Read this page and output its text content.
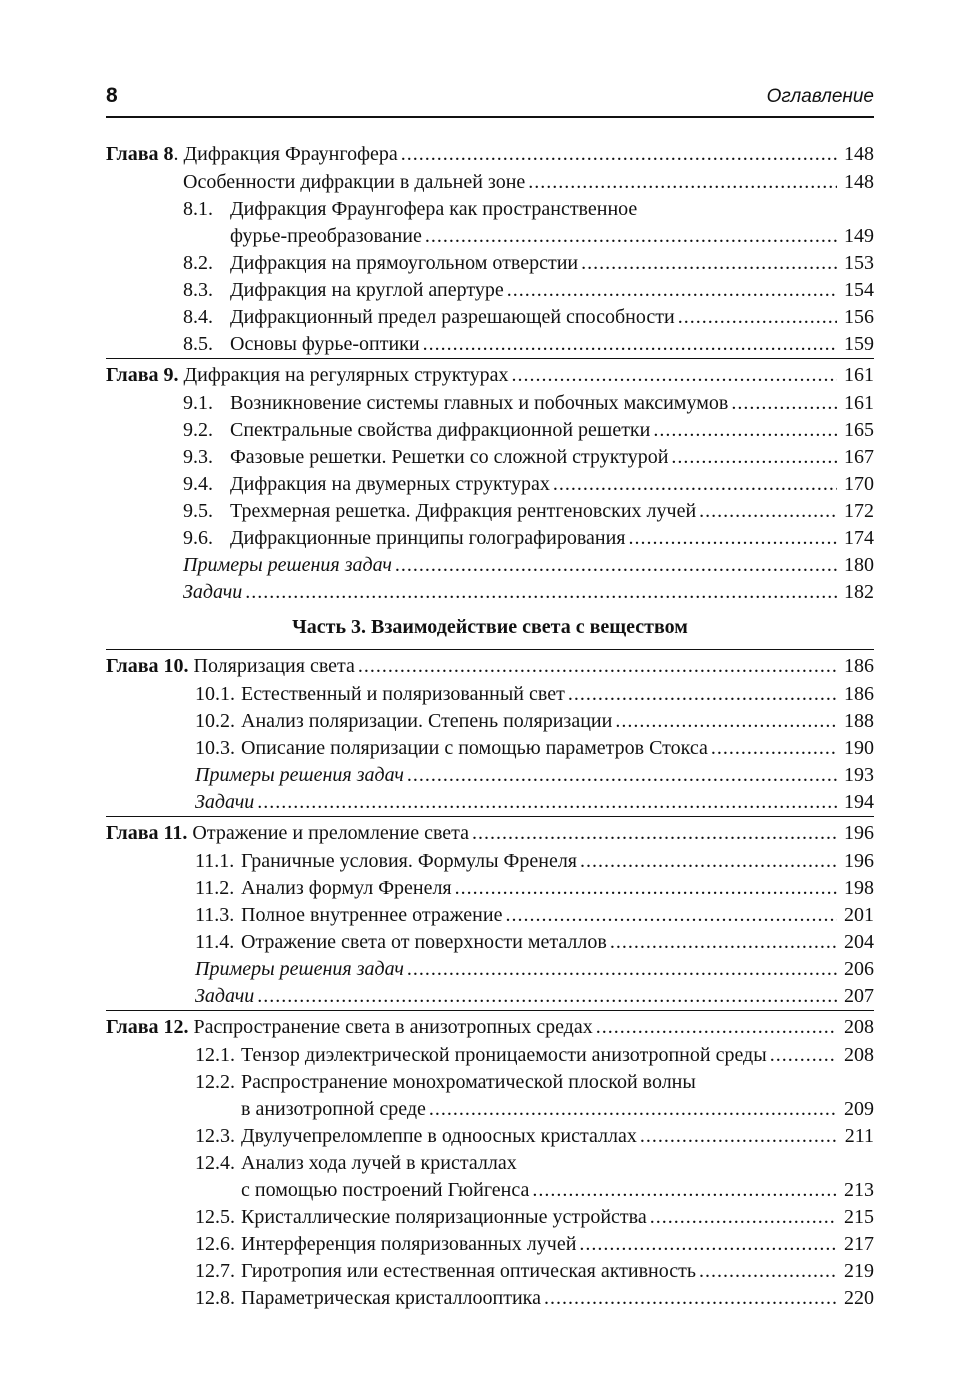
8	Оглавление
Глава 8. Дифракция Фраунгофера .....	148
Особенности дифракции в дальней зоне .....	148
8.1. Дифракция Фраунгофера как пространственное
фурье-преобразование .....	149
8.2. Дифракция на прямоугольном отверстии .....	153
8.3. Дифракция на круглой апертуре .....	154
8.4. Дифракционный предел разрешающей способности .....	156
8.5. Основы фурье-оптики .....	159
Глава 9. Дифракция на регулярных структурах .....	161
9.1. Возникновение системы главных и побочных максимумов .....	161
9.2. Спектральные свойства дифракционной решетки .....	165
9.3. Фазовые решетки. Решетки со сложной структурой .....	167
9.4. Дифракция на двумерных структурах .....	170
9.5. Трехмерная решетка. Дифракция рентгеновских лучей .....	172
9.6. Дифракционные принципы голографирования .....	174
Примеры решения задач .....	180
Задачи .....	182
Часть 3. Взаимодействие света с веществом
Глава 10. Поляризация света .....	186
10.1. Естественный и поляризованный свет .....	186
10.2. Анализ поляризации. Степень поляризации .....	188
10.3. Описание поляризации с помощью параметров Стокса .....	190
Примеры решения задач .....	193
Задачи .....	194
Глава 11. Отражение и преломление света .....	196
11.1. Граничные условия. Формулы Френеля .....	196
11.2. Анализ формул Френеля .....	198
11.3. Полное внутреннее отражение .....	201
11.4. Отражение света от поверхности металлов .....	204
Примеры решения задач .....	206
Задачи .....	207
Глава 12. Распространение света в анизотропных средах .....	208
12.1. Тензор диэлектрической проницаемости анизотропной среды .....	208
12.2. Распространение монохроматической плоской волны
в анизотропной среде .....	209
12.3. Двулучепреломлеппе в одноосных кристаллах .....	211
12.4. Анализ хода лучей в кристаллах
с помощью построений Гюйгенса .....	213
12.5. Кристаллические поляризационные устройства .....	215
12.6. Интерференция поляризованных лучей .....	217
12.7. Гиротропия или естественная оптическая активность .....	219
12.8. Параметрическая кристаллооптика .....	220
